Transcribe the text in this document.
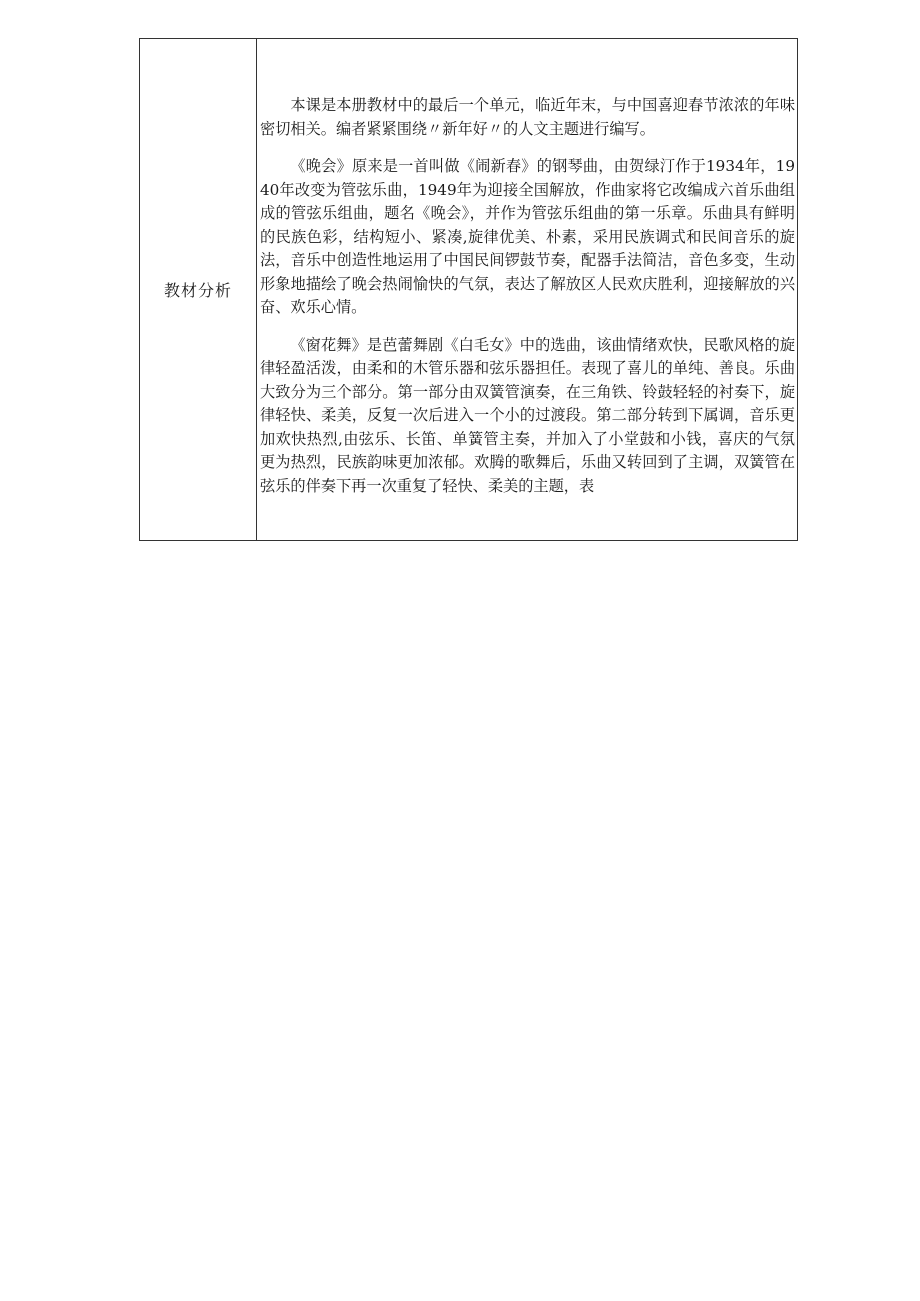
教材分析

本课是本册教材中的最后一个单元，临近年末，与中国喜迎春节浓浓的年味密切相关。编者紧紧围绕〃新年好〃的人文主题进行编写。

《晚会》原来是一首叫做《闹新春》的钢琴曲，由贺绿汀作于1934年，1940年改变为管弦乐曲，1949年为迎接全国解放，作曲家将它改编成六首乐曲组成的管弦乐组曲，题名《晚会》，并作为管弦乐组曲的第一乐章。乐曲具有鲜明的民族色彩，结构短小、紧凑,旋律优美、朴素，采用民族调式和民间音乐的旋法，音乐中创造性地运用了中国民间锣鼓节奏，配器手法简洁，音色多变，生动形象地描绘了晚会热闹愉快的气氛，表达了解放区人民欢庆胜利，迎接解放的兴奋、欢乐心情。

《窗花舞》是芭蕾舞剧《白毛女》中的选曲，该曲情绪欢快，民歌风格的旋律轻盈活泼，由柔和的木管乐器和弦乐器担任。表现了喜儿的单纯、善良。乐曲大致分为三个部分。第一部分由双簧管演奏，在三角铁、铃鼓轻轻的衬奏下，旋律轻快、柔美，反复一次后进入一个小的过渡段。第二部分转到下属调，音乐更加欢快热烈,由弦乐、长笛、单簧管主奏，并加入了小堂鼓和小钱，喜庆的气氛更为热烈，民族韵味更加浓郁。欢腾的歌舞后，乐曲又转回到了主调，双簧管在弦乐的伴奏下再一次重复了轻快、柔美的主题，表
